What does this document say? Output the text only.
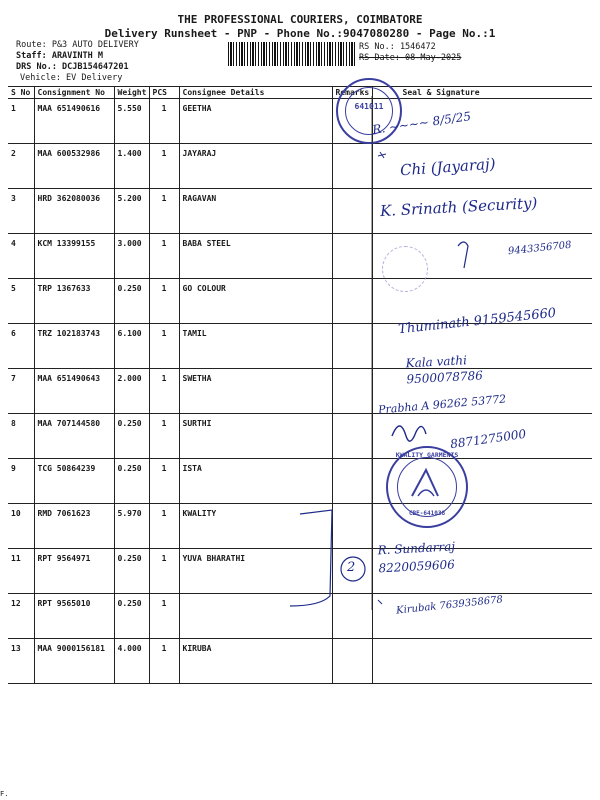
THE PROFESSIONAL COURIERS, COIMBATORE
Delivery Runsheet - PNP - Phone No.:9047080280 - Page No.:1
Route: P&3 AUTO DELIVERY
Staff: ARAVINTH M
DRS No.: DCJB154647201
Vehicle: EV Delivery
RS No.: 1546472
RS Date: 08-May-2025
S No	Consignment No	Weight	PCS	Consignee Details	Remarks	Seal & Signature
1	MAA 651490616	5.550	1	GEETHA		
2	MAA 600532986	1.400	1	JAYARAJ		
3	HRD 362080036	5.200	1	RAGAVAN		
4	KCM 13399155	3.000	1	BABA STEEL		
5	TRP 1367633	0.250	1	GO COLOUR		
6	TRZ 102183743	6.100	1	TAMIL		
7	MAA 651490643	2.000	1	SWETHA		
8	MAA 707144580	0.250	1	SURTHI		
9	TCG 50864239	0.250	1	ISTA		
10	RMD 7061623	5.970	1	KWALITY		
11	RPT 9564971	0.250	1	YUVA BHARATHI		
12	RPT 9565010	0.250	1			
13	MAA 9000156181	4.000	1	KIRUBA		
641011
KWALITY GARMENTS
CBE-641038
R. ~~~~ 8/5/25
Chi (Jayaraj)
K. Srinath (Security)
9443356708
Thuminath 9159545660
Kala vathi 9500078786
Prabha A 96262 53772
8871275000
R. Sundarraj 8220059606
Kirubak 7639358678
2
F.
